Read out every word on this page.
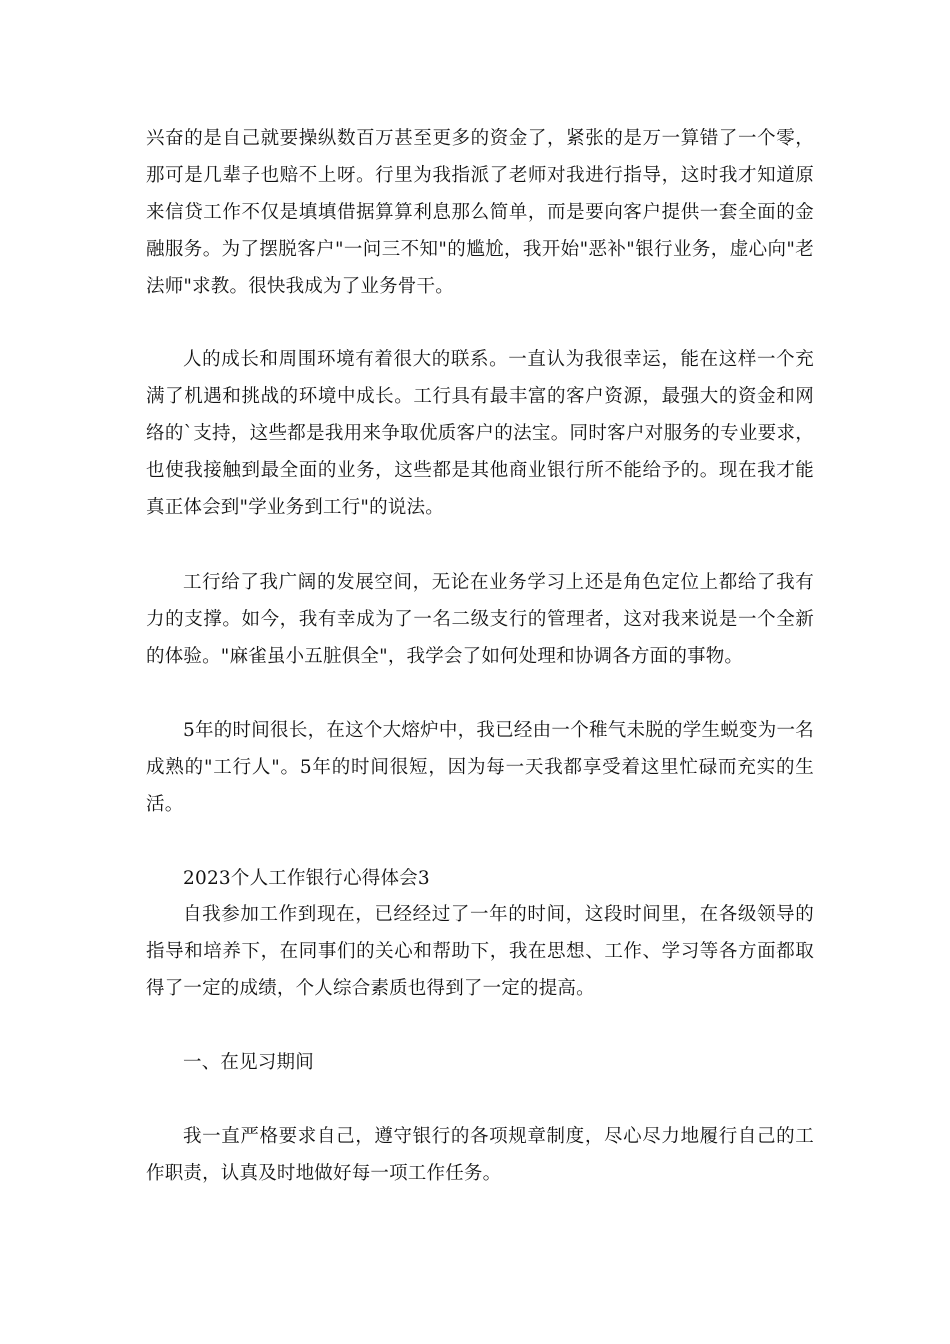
兴奋的是自己就要操纵数百万甚至更多的资金了，紧张的是万一算错了一个零，那可是几辈子也赔不上呀。行里为我指派了老师对我进行指导，这时我才知道原来信贷工作不仅是填填借据算算利息那么简单，而是要向客户提供一套全面的金融服务。为了摆脱客户"一问三不知"的尴尬，我开始"恶补"银行业务，虚心向"老法师"求教。很快我成为了业务骨干。

人的成长和周围环境有着很大的联系。一直认为我很幸运，能在这样一个充满了机遇和挑战的环境中成长。工行具有最丰富的客户资源，最强大的资金和网络的`支持，这些都是我用来争取优质客户的法宝。同时客户对服务的专业要求，也使我接触到最全面的业务，这些都是其他商业银行所不能给予的。现在我才能真正体会到"学业务到工行"的说法。

工行给了我广阔的发展空间，无论在业务学习上还是角色定位上都给了我有力的支撑。如今，我有幸成为了一名二级支行的管理者，这对我来说是一个全新的体验。"麻雀虽小五脏俱全"，我学会了如何处理和协调各方面的事物。

5年的时间很长，在这个大熔炉中，我已经由一个稚气未脱的学生蜕变为一名成熟的"工行人"。5年的时间很短，因为每一天我都享受着这里忙碌而充实的生活。

2023个人工作银行心得体会3

自我参加工作到现在，已经经过了一年的时间，这段时间里，在各级领导的指导和培养下，在同事们的关心和帮助下，我在思想、工作、学习等各方面都取得了一定的成绩，个人综合素质也得到了一定的提高。

一、在见习期间

我一直严格要求自己，遵守银行的各项规章制度，尽心尽力地履行自己的工作职责，认真及时地做好每一项工作任务。
